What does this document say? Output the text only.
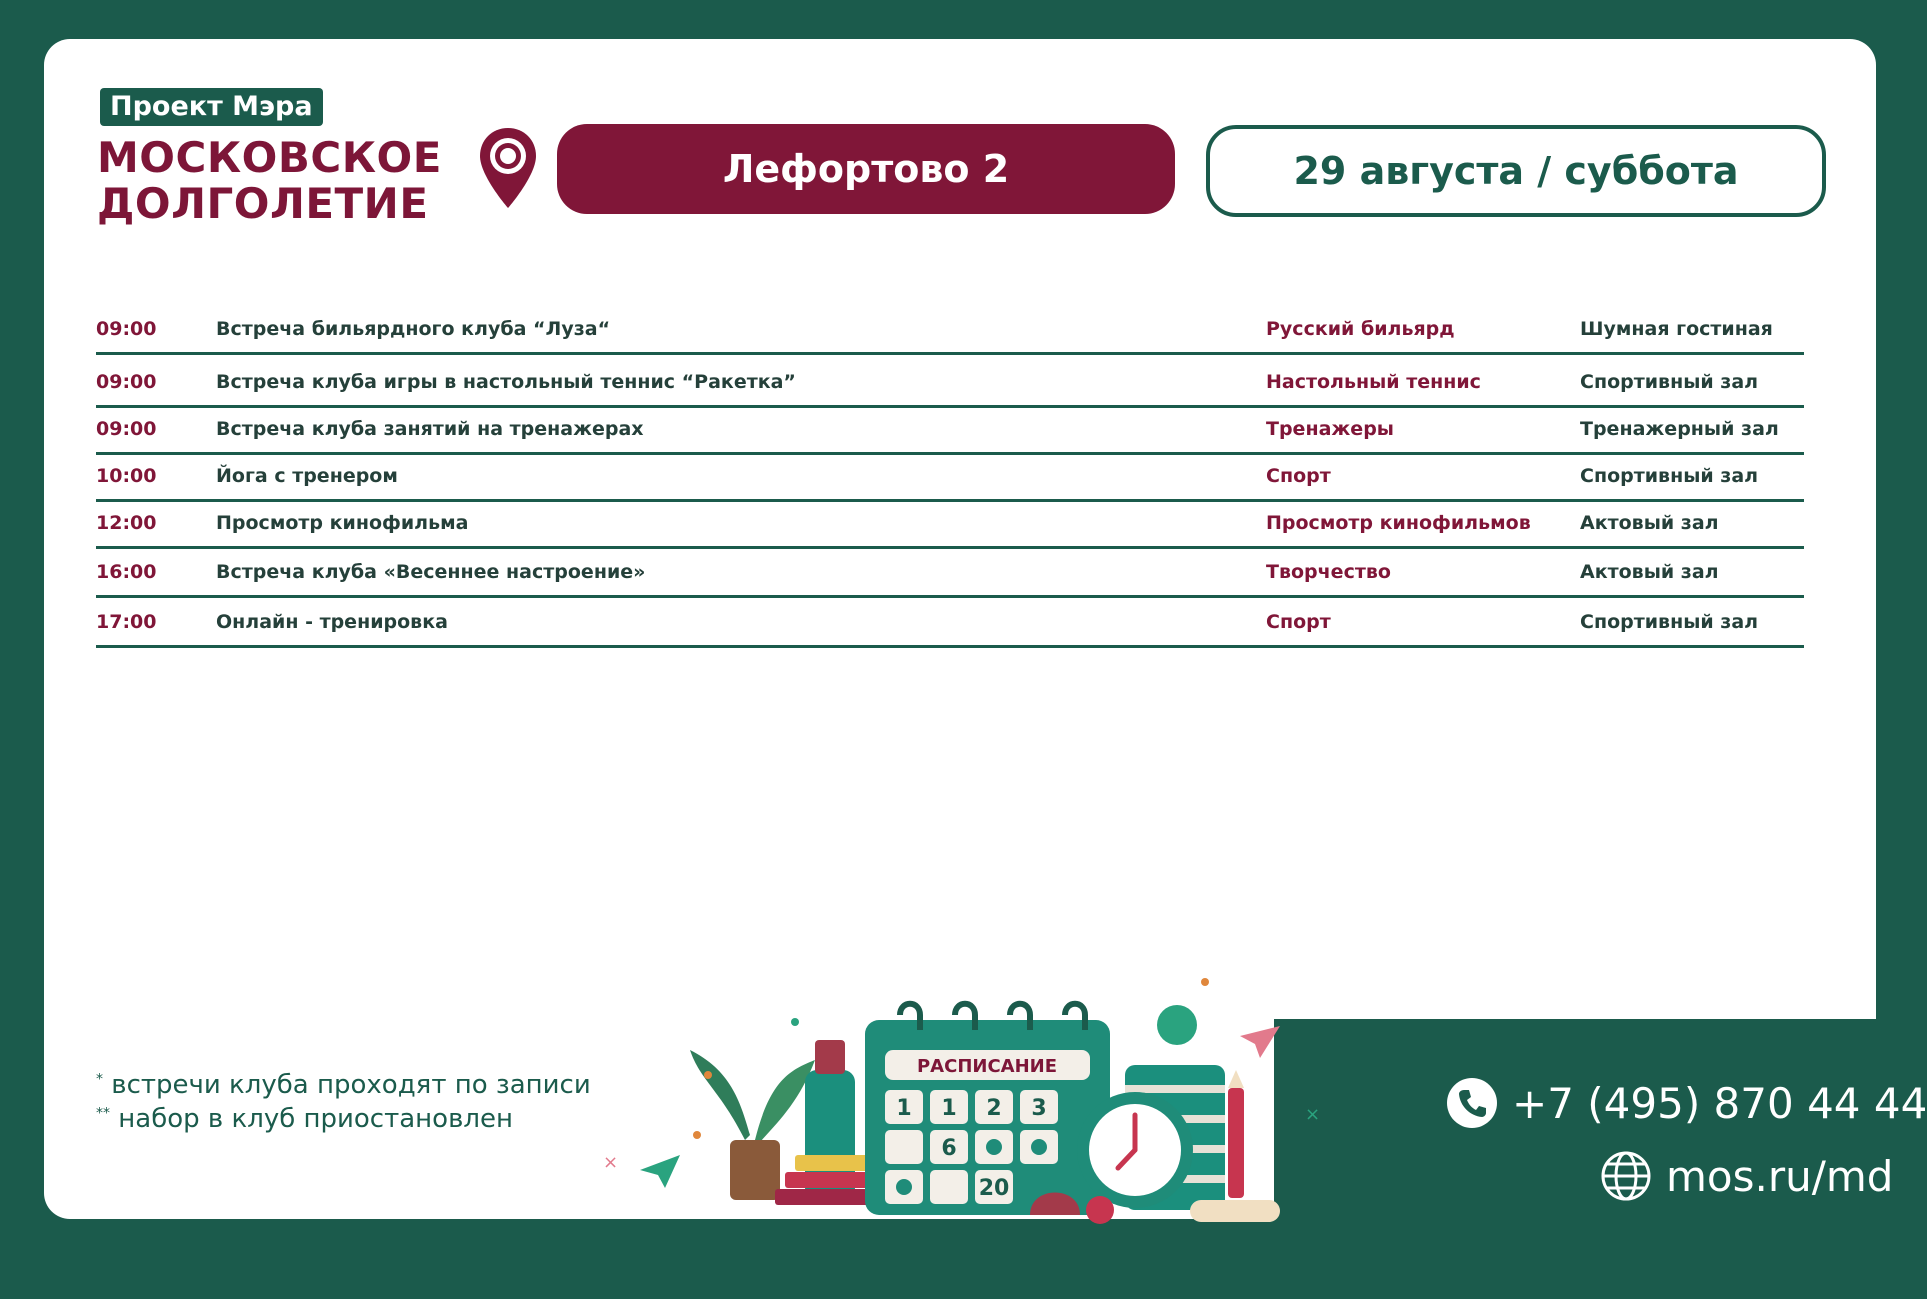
Проект Мэра
МОСКОВСКОЕ
ДОЛГОЛЕТИЕ
Лефортово 2	29 августа / суббота
09:00	Встреча бильярдного клуба “Луза“	Русский бильярд	Шумная гостиная
09:00	Встреча клуба игры в настольный теннис “Ракетка”	Настольный теннис	Спортивный зал
09:00	Встреча клуба занятий на тренажерах	Тренажеры	Тренажерный зал
10:00	Йога с тренером	Спорт	Спортивный зал
12:00	Просмотр кинофильма	Просмотр кинофильмов	Актовый зал
16:00	Встреча клуба «Весеннее настроение»	Творчество	Актовый зал
17:00	Онлайн - тренировка	Спорт	Спортивный зал
* встречи клуба проходят по записи
** набор в клуб приостановлен
РАСПИСАНИЕ
1 1 2 3
6
20
×
×	+7 (495) 870 44 44
mos.ru/md
